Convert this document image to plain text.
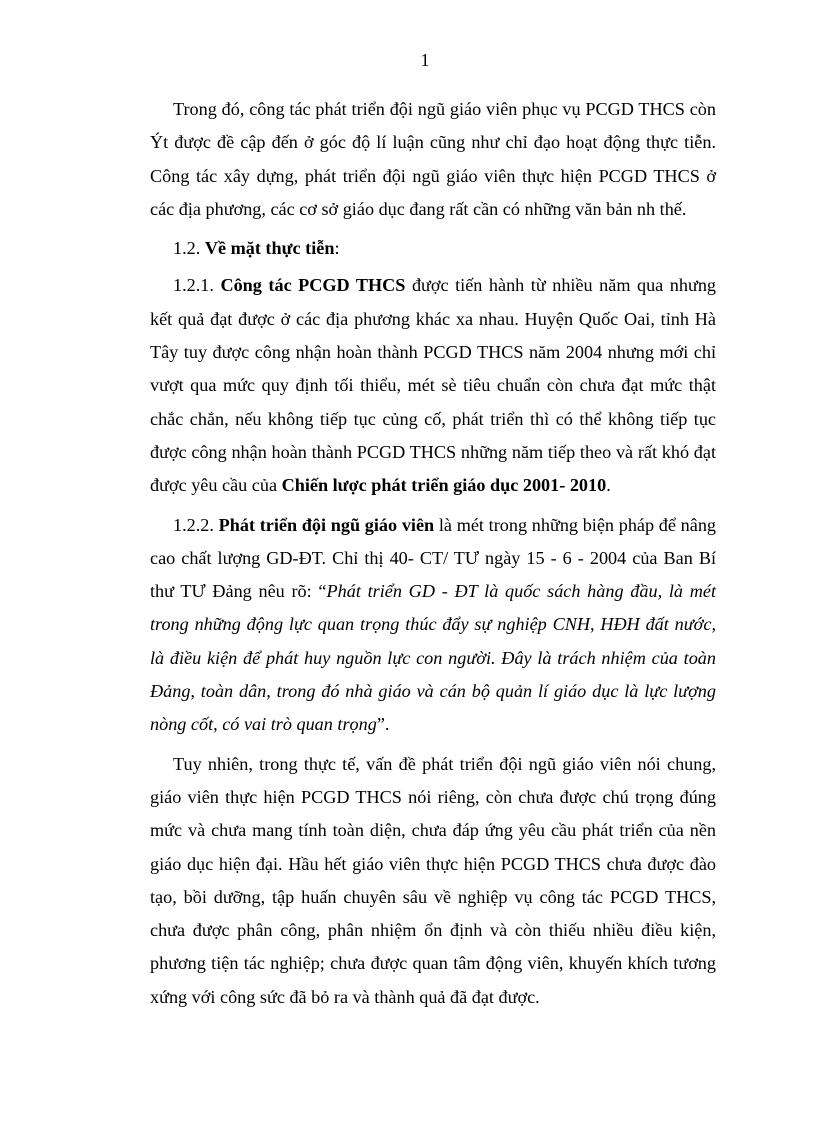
1

Trong đó, công tác phát triển đội ngũ giáo viên phục vụ PCGD THCS còn Ýt được đề cập đến ở góc độ lí luận cũng như chỉ đạo hoạt động thực tiễn. Công tác xây dựng, phát triển đội ngũ giáo viên thực hiện PCGD THCS ở các địa phương, các cơ sở giáo dục đang rất cần có những văn bản nh thế.

1.2. Về mặt thực tiễn:

1.2.1. Công tác PCGD THCS được tiến hành từ nhiều năm qua nhưng kết quả đạt được ở các địa phương khác xa nhau. Huyện Quốc Oai, tỉnh Hà Tây tuy được công nhận hoàn thành PCGD THCS năm 2004 nhưng mới chỉ vượt qua mức quy định tối thiểu, mét sè tiêu chuẩn còn chưa đạt mức thật chắc chắn, nếu không tiếp tục củng cố, phát triển thì có thể không tiếp tục được công nhận hoàn thành PCGD THCS những năm tiếp theo và rất khó đạt được yêu cầu của Chiến lược phát triển giáo dục 2001- 2010.

1.2.2. Phát triển đội ngũ giáo viên là mét trong những biện pháp để nâng cao chất lượng GD-ĐT. Chỉ thị 40- CT/ TƯ ngày 15 - 6 - 2004 của Ban Bí thư TƯ Đảng nêu rõ: “Phát triển GD - ĐT là quốc sách hàng đầu, là mét trong những động lực quan trọng thúc đẩy sự nghiệp CNH, HĐH đất nước, là điều kiện để phát huy nguồn lực con người. Đây là trách nhiệm của toàn Đảng, toàn dân, trong đó nhà giáo và cán bộ quản lí giáo dục là lực lượng nòng cốt, có vai trò quan trọng”.

Tuy nhiên, trong thực tế, vấn đề phát triển đội ngũ giáo viên nói chung, giáo viên thực hiện PCGD THCS nói riêng, còn chưa được chú trọng đúng mức và chưa mang tính toàn diện, chưa đáp ứng yêu cầu phát triển của nền giáo dục hiện đại. Hầu hết giáo viên thực hiện PCGD THCS chưa được đào tạo, bồi dưỡng, tập huấn chuyên sâu về nghiệp vụ công tác PCGD THCS, chưa được phân công, phân nhiệm ổn định và còn thiếu nhiều điều kiện, phương tiện tác nghiệp; chưa được quan tâm động viên, khuyến khích tương xứng với công sức đã bỏ ra và thành quả đã đạt được.
